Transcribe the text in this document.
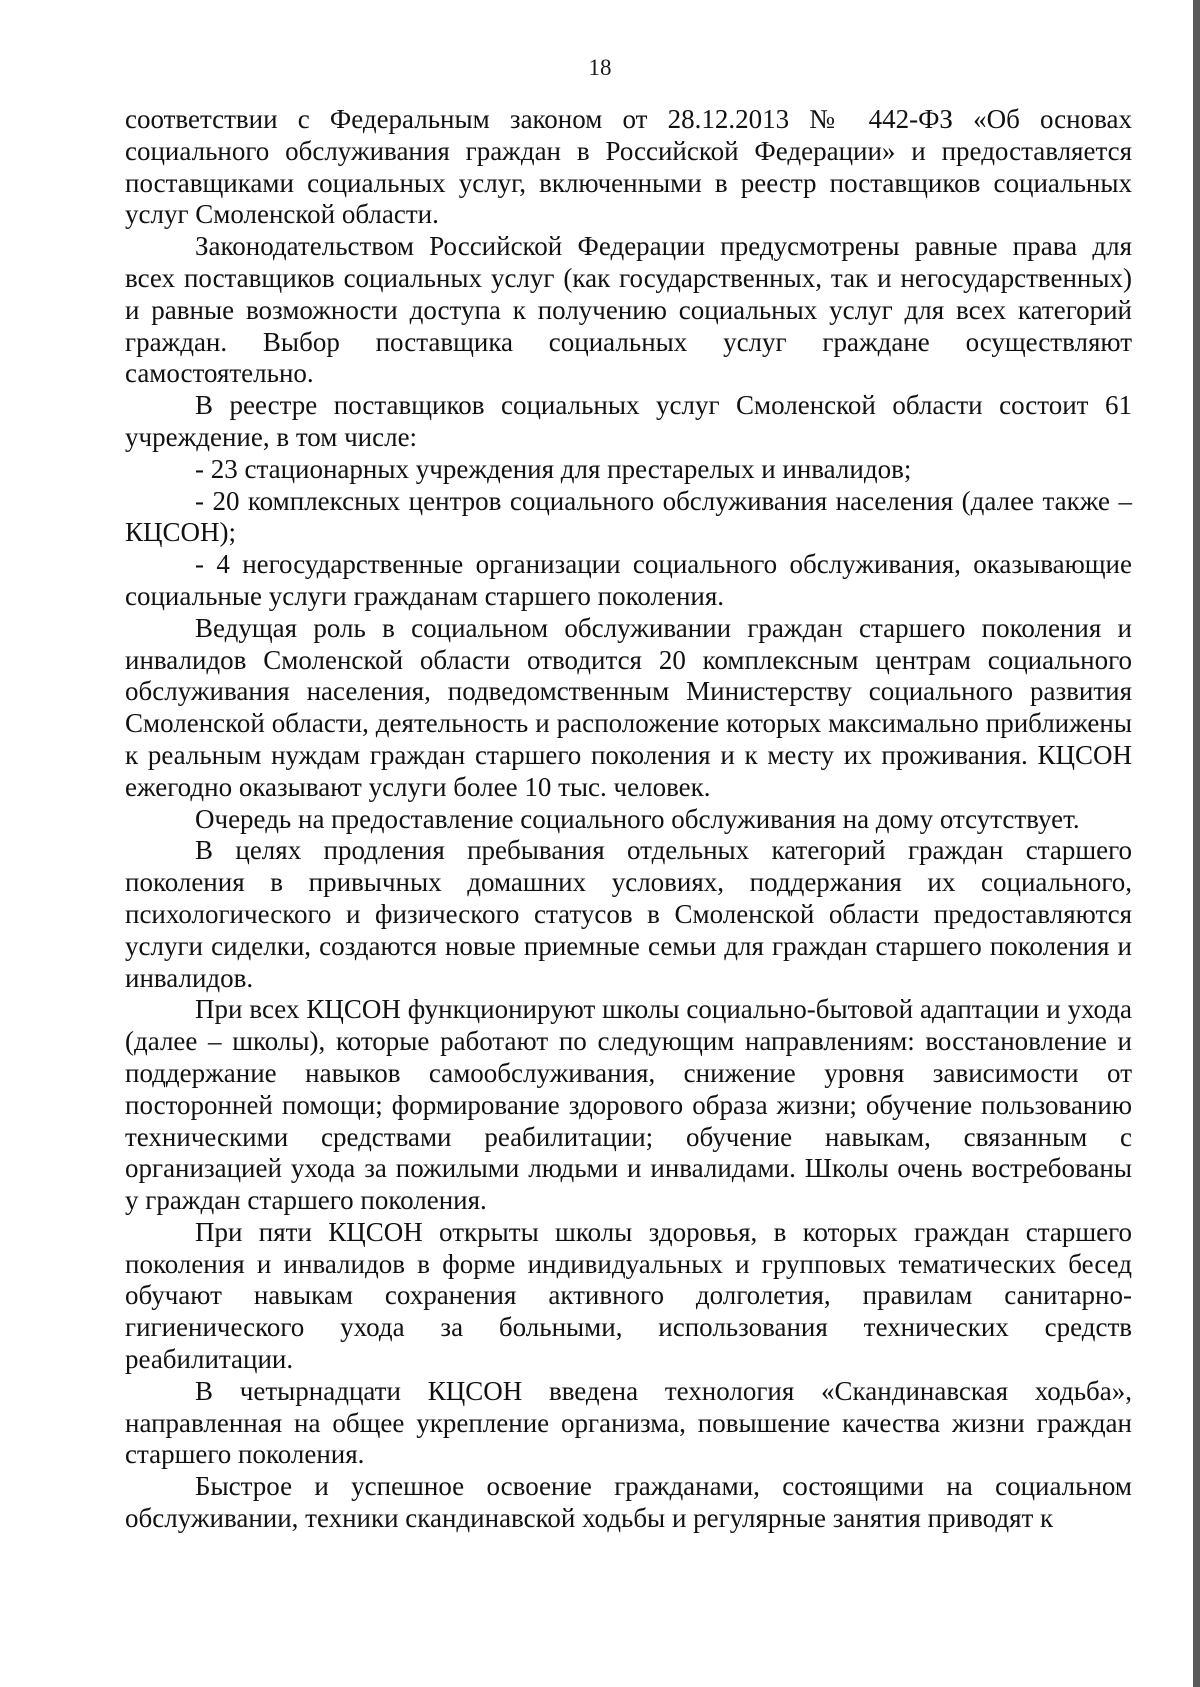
18

соответствии с Федеральным законом от 28.12.2013 № 442-ФЗ «Об основах социального обслуживания граждан в Российской Федерации» и предоставляется поставщиками социальных услуг, включенными в реестр поставщиков социальных услуг Смоленской области.

Законодательством Российской Федерации предусмотрены равные права для всех поставщиков социальных услуг (как государственных, так и негосударственных) и равные возможности доступа к получению социальных услуг для всех категорий граждан. Выбор поставщика социальных услуг граждане осуществляют самостоятельно.

В реестре поставщиков социальных услуг Смоленской области состоит 61 учреждение, в том числе:

- 23 стационарных учреждения для престарелых и инвалидов;

- 20 комплексных центров социального обслуживания населения (далее также – КЦСОН);

- 4 негосударственные организации социального обслуживания, оказывающие социальные услуги гражданам старшего поколения.

Ведущая роль в социальном обслуживании граждан старшего поколения и инвалидов Смоленской области отводится 20 комплексным центрам социального обслуживания населения, подведомственным Министерству социального развития Смоленской области, деятельность и расположение которых максимально приближены к реальным нуждам граждан старшего поколения и к месту их проживания. КЦСОН ежегодно оказывают услуги более 10 тыс. человек.

Очередь на предоставление социального обслуживания на дому отсутствует.

В целях продления пребывания отдельных категорий граждан старшего поколения в привычных домашних условиях, поддержания их социального, психологического и физического статусов в Смоленской области предоставляются услуги сиделки, создаются новые приемные семьи для граждан старшего поколения и инвалидов.

При всех КЦСОН функционируют школы социально-бытовой адаптации и ухода (далее – школы), которые работают по следующим направлениям: восстановление и поддержание навыков самообслуживания, снижение уровня зависимости от посторонней помощи; формирование здорового образа жизни; обучение пользованию техническими средствами реабилитации; обучение навыкам, связанным с организацией ухода за пожилыми людьми и инвалидами. Школы очень востребованы у граждан старшего поколения.

При пяти КЦСОН открыты школы здоровья, в которых граждан старшего поколения и инвалидов в форме индивидуальных и групповых тематических бесед обучают навыкам сохранения активного долголетия, правилам санитарно-гигиенического ухода за больными, использования технических средств реабилитации.

В четырнадцати КЦСОН введена технология «Скандинавская ходьба», направленная на общее укрепление организма, повышение качества жизни граждан старшего поколения.

Быстрое и успешное освоение гражданами, состоящими на социальном обслуживании, техники скандинавской ходьбы и регулярные занятия приводят к
